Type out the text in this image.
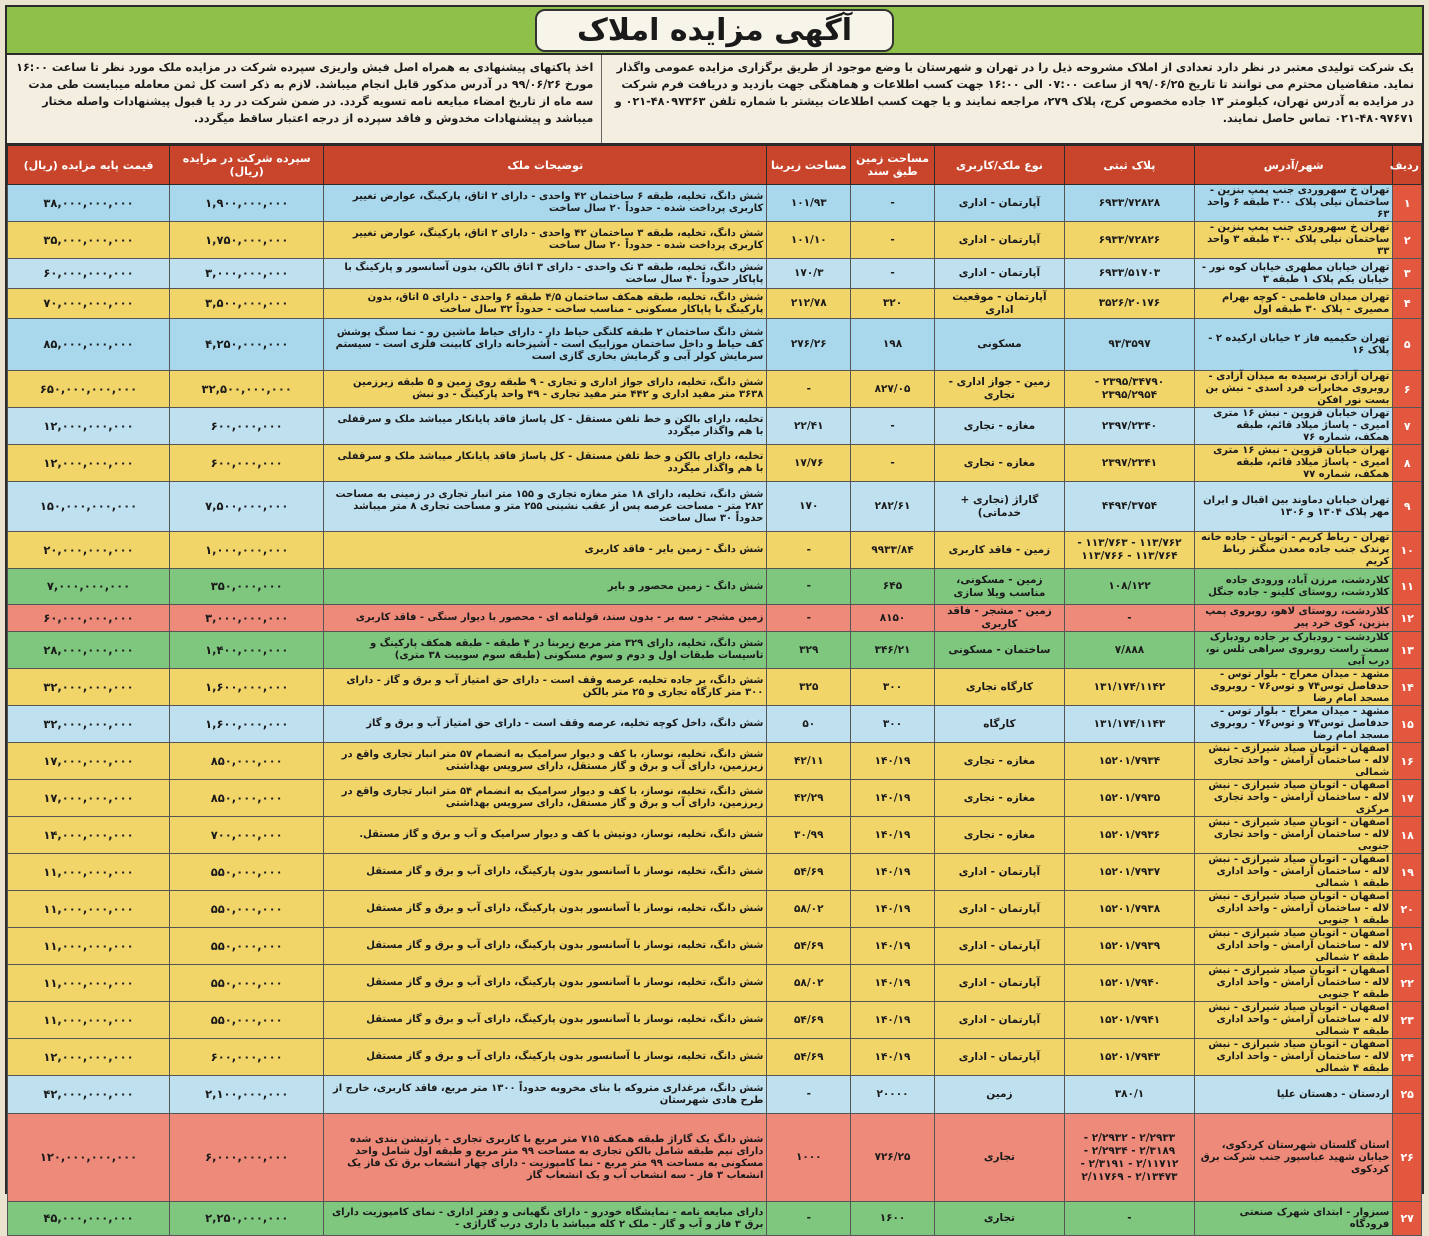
آگهی مزایده املاک

یک شرکت تولیدی معتبر در نظر دارد تعدادی از املاک مشروحه ذیل را در تهران و شهرستان با وضع موجود از طریق برگزاری مزایده عمومی واگذار نماید. متقاضیان محترم می توانند تا تاریخ ۹۹/۰۶/۲۵ از ساعت ۰۷:۰۰ الی ۱۶:۰۰ جهت کسب اطلاعات و هماهنگی جهت بازدید و دریافت فرم شرکت در مزایده به آدرس تهران، کیلومتر ۱۳ جاده مخصوص کرج، پلاک ۲۷۹، مراجعه نمایند و یا جهت کسب اطلاعات بیشتر با شماره تلفن ۴۸۰۹۷۳۶۳-۰۲۱ و ۴۸۰۹۷۶۷۱-۰۲۱ تماس حاصل نمایند.

اخذ پاکتهای پیشنهادی به همراه اصل فیش واریزی سپرده شرکت در مزایده ملک مورد نظر تا ساعت ۱۶:۰۰ مورخ ۹۹/۰۶/۲۶ در آدرس مذکور قابل انجام میباشد. لازم به ذکر است کل ثمن معامله میبایست طی مدت سه ماه از تاریخ امضاء مبایعه نامه تسویه گردد. در ضمن شرکت در رد یا قبول پیشنهادات واصله مختار میباشد و پیشنهادات مخدوش و فاقد سپرده از درجه اعتبار ساقط میگردد.

ردیف	شهر/آدرس	پلاک ثبتی	نوع ملک/کاربری	مساحت زمین طبق سند	مساحت زیربنا	توضیحات ملک	سپرده شرکت در مزایده (ریال)	قیمت پایه مزایده (ریال)
۱	تهران خ سهروردی جنب پمپ بنزین - ساختمان نیلی پلاک ۳۰۰ طبقه ۶ واحد ۶۳	۶۹۳۳/۷۲۸۲۸	آپارتمان - اداری	-	۱۰۱/۹۳	شش دانگ، تخلیه، طبقه ۶ ساختمان ۴۲ واحدی - دارای ۲ اتاق، پارکینگ، عوارض تغییر کاربری پرداخت شده - حدوداً ۲۰ سال ساخت	۱,۹۰۰,۰۰۰,۰۰۰	۳۸,۰۰۰,۰۰۰,۰۰۰
۲	تهران خ سهروردی جنب پمپ بنزین - ساختمان نیلی پلاک ۳۰۰ طبقه ۳ واحد ۳۳	۶۹۳۳/۷۲۸۲۶	آپارتمان - اداری	-	۱۰۱/۱۰	شش دانگ، تخلیه، طبقه ۳ ساختمان ۴۲ واحدی - دارای ۲ اتاق، پارکینگ، عوارض تغییر کاربری پرداخت شده - حدوداً ۲۰ سال ساخت	۱,۷۵۰,۰۰۰,۰۰۰	۳۵,۰۰۰,۰۰۰,۰۰۰
۳	تهران خیابان مطهری خیابان کوه نور - خیابان یکم پلاک ۱ طبقه ۳	۶۹۳۳/۵۱۷۰۳	آپارتمان - اداری	-	۱۷۰/۳	شش دانگ، تخلیه، طبقه ۳ تک واحدی - دارای ۳ اتاق بالکن، بدون آسانسور و پارکینگ با پاپاکار حدوداً ۴۰ سال ساخت	۳,۰۰۰,۰۰۰,۰۰۰	۶۰,۰۰۰,۰۰۰,۰۰۰
۴	تهران میدان فاطمی - کوچه بهرام مصیری - پلاک ۳۰ طبقه اول	۳۵۲۶/۲۰۱۷۶	آپارتمان - موقعیت اداری	۳۲۰	۲۱۲/۷۸	شش دانگ، تخلیه، طبقه همکف ساختمان ۴/۵ طبقه ۶ واحدی - دارای ۵ اتاق، بدون پارکینگ با پاپاکار مسکونی - مناسب ساخت - حدوداً ۳۲ سال ساخت	۳,۵۰۰,۰۰۰,۰۰۰	۷۰,۰۰۰,۰۰۰,۰۰۰
۵	تهران حکیمیه فاز ۲ خیابان ارکیده ۲ - پلاک ۱۶	۹۳/۳۵۹۷	مسکونی	۱۹۸	۲۷۶/۲۶	شش دانگ ساختمان ۲ طبقه کلنگی حیاط دار - دارای حیاط ماشین رو - نما سنگ پوشش کف حیاط و داخل ساختمان موزاییک است - آشپزخانه دارای کابینت فلزی است - سیستم سرمایش کولر آبی و گرمایش بخاری گازی است	۴,۲۵۰,۰۰۰,۰۰۰	۸۵,۰۰۰,۰۰۰,۰۰۰
۶	تهران آزادی نرسیده به میدان آزادی - روبروی مخابرات فرد اسدی - نبش بن بست نور افکن	۲۳۹۵/۳۴۷۹۰ - ۲۳۹۵/۲۹۵۴	زمین - جواز اداری - تجاری	۸۲۷/۰۵	-	شش دانگ، تخلیه، دارای جواز اداری و تجاری - ۹ طبقه روی زمین و ۵ طبقه زیرزمین ۳۶۳۸ متر مفید اداری و ۴۴۲ متر مفید تجاری - ۴۹ واحد پارکینگ - دو نبش	۳۲,۵۰۰,۰۰۰,۰۰۰	۶۵۰,۰۰۰,۰۰۰,۰۰۰
۷	تهران خیابان قزوین - نبش ۱۶ متری امیری - پاساژ میلاد قائم، طبقه همکف، شماره ۷۶	۲۳۹۷/۲۳۴۰	مغازه - تجاری	-	۲۲/۴۱	تخلیه، دارای بالکن و خط تلفن مستقل - کل پاساژ فاقد پایانکار میباشد ملک و سرقفلی با هم واگذار میگردد	۶۰۰,۰۰۰,۰۰۰	۱۲,۰۰۰,۰۰۰,۰۰۰
۸	تهران خیابان قزوین - نبش ۱۶ متری امیری - پاساژ میلاد قائم، طبقه همکف، شماره ۷۷	۲۳۹۷/۲۳۴۱	مغازه - تجاری	-	۱۷/۷۶	تخلیه، دارای بالکن و خط تلفن مستقل - کل پاساژ فاقد پایانکار میباشد ملک و سرقفلی با هم واگذار میگردد	۶۰۰,۰۰۰,۰۰۰	۱۲,۰۰۰,۰۰۰,۰۰۰
۹	تهران خیابان دماوند بین اقبال و ایران مهر پلاک ۱۳۰۴ و ۱۳۰۶	۴۴۹۴/۳۷۵۴	گاراژ (تجاری + خدماتی)	۲۸۲/۶۱	۱۷۰	شش دانگ، تخلیه، دارای ۱۸ متر مغازه تجاری و ۱۵۵ متر انبار تجاری در زمینی به مساحت ۲۸۲ متر - مساحت عرصه پس از عقب نشینی ۲۵۵ متر و مساحت تجاری ۸ متر میباشد حدوداً ۳۰ سال ساخت	۷,۵۰۰,۰۰۰,۰۰۰	۱۵۰,۰۰۰,۰۰۰,۰۰۰
۱۰	تهران - رباط کریم - اتوبان - جاده خانه پرندک جنب جاده معدن منگنز رباط کریم	۱۱۳/۷۶۲ - ۱۱۳/۷۶۳ - ۱۱۳/۷۶۴ - ۱۱۳/۷۶۶	زمین - فاقد کاربری	۹۹۳۳/۸۴	-	شش دانگ - زمین بایر - فاقد کاربری	۱,۰۰۰,۰۰۰,۰۰۰	۲۰,۰۰۰,۰۰۰,۰۰۰
۱۱	کلاردشت، مرزن آباد، ورودی جاده کلاردشت، روستای کلینو - جاده جنگل	۱۰۸/۱۲۲	زمین - مسکونی، مناسب ویلا سازی	۶۴۵	-	شش دانگ - زمین محصور و بایر	۳۵۰,۰۰۰,۰۰۰	۷,۰۰۰,۰۰۰,۰۰۰
۱۲	کلاردشت، روستای لاهو، روبروی پمپ بنزین، کوی خرد پیر	-	زمین - مشجر - فاقد کاربری	۸۱۵۰	-	زمین مشجر - سه بر - بدون سند، قولنامه ای - محصور با دیوار سنگی - فاقد کاربری	۳,۰۰۰,۰۰۰,۰۰۰	۶۰,۰۰۰,۰۰۰,۰۰۰
۱۳	کلاردشت - رودبارک بر جاده رودبارک سمت راست روبروی سراهی تلس نو، درب آبی	۷/۸۸۸	ساختمان - مسکونی	۳۴۶/۲۱	۳۲۹	شش دانگ، تخلیه، دارای ۳۲۹ متر مربع زیربنا در ۴ طبقه - طبقه همکف پارکینگ و تاسیسات طبقات اول و دوم و سوم مسکونی (طبقه سوم سوییت ۳۸ متری)	۱,۴۰۰,۰۰۰,۰۰۰	۲۸,۰۰۰,۰۰۰,۰۰۰
۱۴	مشهد - میدان معراج - بلوار توس - حدفاصل توس۷۴ و توس۷۶ - روبروی مسجد امام رضا	۱۳۱/۱۷۴/۱۱۴۲	کارگاه تجاری	۳۰۰	۳۲۵	شش دانگ، بر جاده تخلیه، عرصه وقف است - دارای حق امتیاز آب و برق و گاز - دارای ۳۰۰ متر کارگاه تجاری و ۲۵ متر بالکن	۱,۶۰۰,۰۰۰,۰۰۰	۳۲,۰۰۰,۰۰۰,۰۰۰
۱۵	مشهد - میدان معراج - بلوار توس - حدفاصل توس۷۴ و توس۷۶ - روبروی مسجد امام رضا	۱۳۱/۱۷۴/۱۱۴۳	کارگاه	۳۰۰	۵۰	شش دانگ، داخل کوچه تخلیه، عرصه وقف است - دارای حق امتیاز آب و برق و گاز	۱,۶۰۰,۰۰۰,۰۰۰	۳۲,۰۰۰,۰۰۰,۰۰۰
۱۶	اصفهان - اتوبان صیاد شیرازی - نبش لاله - ساختمان آرامش - واحد تجاری شمالی	۱۵۲۰۱/۷۹۳۴	مغازه - تجاری	۱۴۰/۱۹	۴۲/۱۱	شش دانگ، تخلیه، نوساز، با کف و دیوار سرامیک به انضمام ۵۷ متر انبار تجاری واقع در زیرزمین، دارای آب و برق و گاز مستقل، دارای سرویس بهداشتی	۸۵۰,۰۰۰,۰۰۰	۱۷,۰۰۰,۰۰۰,۰۰۰
۱۷	اصفهان - اتوبان صیاد شیرازی - نبش لاله - ساختمان آرامش - واحد تجاری مرکزی	۱۵۲۰۱/۷۹۳۵	مغازه - تجاری	۱۴۰/۱۹	۴۲/۲۹	شش دانگ، تخلیه، نوساز، با کف و دیوار سرامیک به انضمام ۵۴ متر انبار تجاری واقع در زیرزمین، دارای آب و برق و گاز مستقل، دارای سرویس بهداشتی	۸۵۰,۰۰۰,۰۰۰	۱۷,۰۰۰,۰۰۰,۰۰۰
۱۸	اصفهان - اتوبان صیاد شیرازی - نبش لاله - ساختمان آرامش - واحد تجاری جنوبی	۱۵۲۰۱/۷۹۳۶	مغازه - تجاری	۱۴۰/۱۹	۳۰/۹۹	شش دانگ، تخلیه، نوساز، دوتیش با کف و دیوار سرامیک و آب و برق و گاز مستقل.	۷۰۰,۰۰۰,۰۰۰	۱۴,۰۰۰,۰۰۰,۰۰۰
۱۹	اصفهان - اتوبان صیاد شیرازی - نبش لاله - ساختمان آرامش - واحد اداری طبقه ۱ شمالی	۱۵۲۰۱/۷۹۳۷	آپارتمان - اداری	۱۴۰/۱۹	۵۴/۶۹	شش دانگ، تخلیه، نوساز با آسانسور بدون پارکینگ، دارای آب و برق و گاز مستقل	۵۵۰,۰۰۰,۰۰۰	۱۱,۰۰۰,۰۰۰,۰۰۰
۲۰	اصفهان - اتوبان صیاد شیرازی - نبش لاله - ساختمان آرامش - واحد اداری طبقه ۱ جنوبی	۱۵۲۰۱/۷۹۳۸	آپارتمان - اداری	۱۴۰/۱۹	۵۸/۰۲	شش دانگ، تخلیه، نوساز با آسانسور بدون پارکینگ، دارای آب و برق و گاز مستقل	۵۵۰,۰۰۰,۰۰۰	۱۱,۰۰۰,۰۰۰,۰۰۰
۲۱	اصفهان - اتوبان صیاد شیرازی - نبش لاله - ساختمان آرامش - واحد اداری طبقه ۲ شمالی	۱۵۲۰۱/۷۹۳۹	آپارتمان - اداری	۱۴۰/۱۹	۵۴/۶۹	شش دانگ، تخلیه، نوساز با آسانسور بدون پارکینگ، دارای آب و برق و گاز مستقل	۵۵۰,۰۰۰,۰۰۰	۱۱,۰۰۰,۰۰۰,۰۰۰
۲۲	اصفهان - اتوبان صیاد شیرازی - نبش لاله - ساختمان آرامش - واحد اداری طبقه ۲ جنوبی	۱۵۲۰۱/۷۹۴۰	آپارتمان - اداری	۱۴۰/۱۹	۵۸/۰۲	شش دانگ، تخلیه، نوساز با آسانسور بدون پارکینگ، دارای آب و برق و گاز مستقل	۵۵۰,۰۰۰,۰۰۰	۱۱,۰۰۰,۰۰۰,۰۰۰
۲۳	اصفهان - اتوبان صیاد شیرازی - نبش لاله - ساختمان آرامش - واحد اداری طبقه ۳ شمالی	۱۵۲۰۱/۷۹۴۱	آپارتمان - اداری	۱۴۰/۱۹	۵۴/۶۹	شش دانگ، تخلیه، نوساز با آسانسور بدون پارکینگ، دارای آب و برق و گاز مستقل	۵۵۰,۰۰۰,۰۰۰	۱۱,۰۰۰,۰۰۰,۰۰۰
۲۴	اصفهان - اتوبان صیاد شیرازی - نبش لاله - ساختمان آرامش - واحد اداری طبقه ۴ شمالی	۱۵۲۰۱/۷۹۴۳	آپارتمان - اداری	۱۴۰/۱۹	۵۴/۶۹	شش دانگ، تخلیه، نوساز با آسانسور بدون پارکینگ، دارای آب و برق و گاز مستقل	۶۰۰,۰۰۰,۰۰۰	۱۲,۰۰۰,۰۰۰,۰۰۰
۲۵	اردستان - دهستان علیا	۳۸۰/۱	زمین	۲۰۰۰۰	-	شش دانگ، مرغداری متروکه با بنای مخروبه حدوداً ۱۳۰۰ متر مربع، فاقد کاربری، خارج از طرح هادی شهرستان	۲,۱۰۰,۰۰۰,۰۰۰	۴۲,۰۰۰,۰۰۰,۰۰۰
۲۶	استان گلستان شهرستان کردکوی، خیابان شهید عباسپور جنب شرکت برق کردکوی	۲/۲۹۳۳ - ۲/۲۹۳۲ - ۲/۳۱۸۹ - ۲/۲۹۳۴ - ۲/۱۱۷۱۲ - ۲/۳۱۹۱ - ۲/۱۳۴۷۳ - ۲/۱۱۷۶۹	تجاری	۷۲۶/۲۵	۱۰۰۰	شش دانگ یک گاراژ طبقه همکف ۷۱۵ متر مربع با کاربری تجاری - پارتیشن بندی شده دارای نیم طبقه شامل بالکن تجاری به مساحت ۹۹ متر مربع و طبقه اول شامل واحد مسکونی به مساحت ۹۹ متر مربع - نما کامپوزیت - دارای چهار انشعاب برق تک فاز یک انشعاب ۳ فاز - سه انشعاب آب و یک انشعاب گاز	۶,۰۰۰,۰۰۰,۰۰۰	۱۲۰,۰۰۰,۰۰۰,۰۰۰
۲۷	سبزوار - ابتدای شهرک صنعتی فرودگاه	-	تجاری	۱۶۰۰	-	دارای مبایعه نامه - نمایشگاه خودرو - دارای نگهبانی و دفتر اداری - نمای کامپوزیت دارای برق ۳ فاز و آب و گاز - ملک ۲ کله میباشد با داری درب گاراژی -	۲,۲۵۰,۰۰۰,۰۰۰	۴۵,۰۰۰,۰۰۰,۰۰۰
